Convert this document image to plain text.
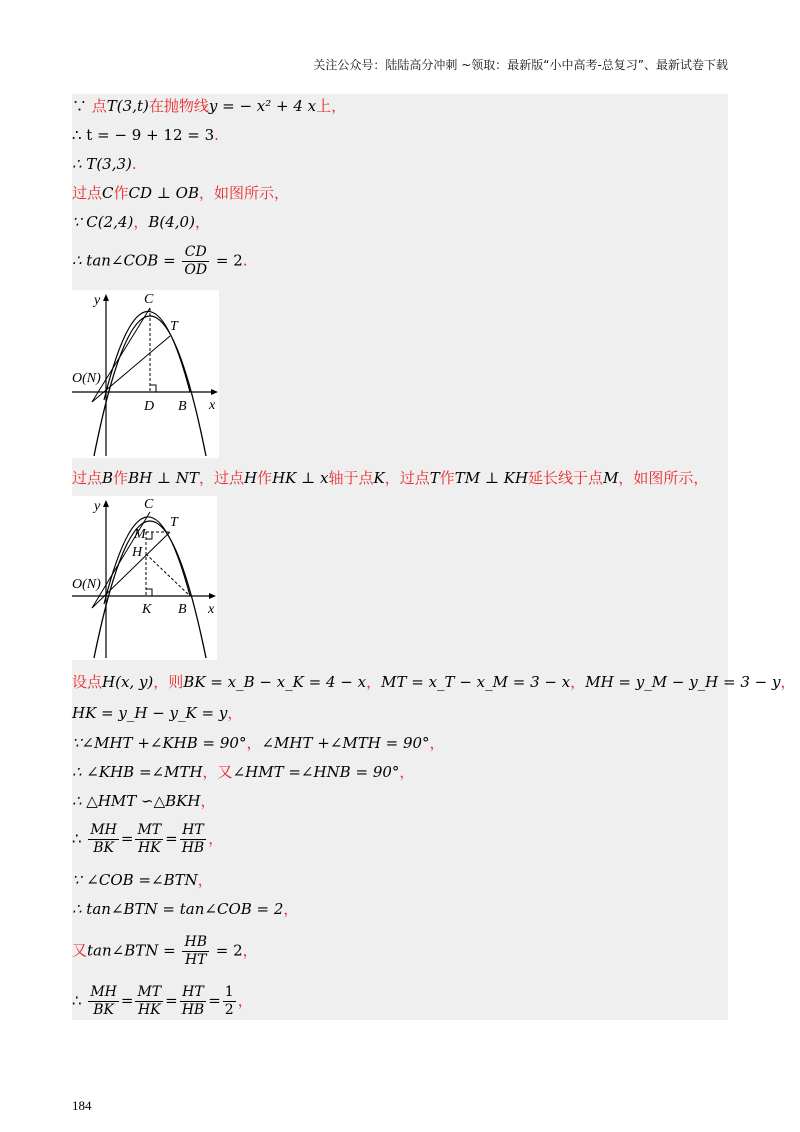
关注公众号：陆陆高分冲刺 ~领取：最新版“小中高考-总复习”、最新试卷下载
∵ 点T(3,t)在抛物线y = − x² + 4 x上，
∴ t = − 9 + 12 = 3.
∴ T(3,3).
过点C作CD ⊥ OB，如图所示，
∵ C(2,4)，B(4,0)，
∴ tan∠COB = $\frac{CD}{OD} = 2$.
y	C
T
O(N)
D B x
过点B作BH ⊥ NT，过点H作HK ⊥ x轴于点K，过点T作TM ⊥ KH延长线于点M，如图所示，
y	C
T
M
H
O(N)
K B x
设点H(x, y)，则BK = x_B − x_K = 4 − x，MT = x_T − x_M = 3 − x，MH = y_M − y_H = 3 − y，
HK = y_H − y_K = y，
∵∠MHT +∠KHB = 90°，∠MHT +∠MTH = 90°，
∴ ∠KHB =∠MTH，又∠HMT =∠HNB = 90°，
∴ △HMT ∽△BKH，
∴ $\frac{MH}{BK} = \frac{MT}{HK} = \frac{HT}{HB}$ ，
∵ ∠COB =∠BTN，
∴ tan∠BTN = tan∠COB = 2，
又tan∠BTN = $\frac{HB}{HT} = 2$，
∴ $\frac{MH}{BK} = \frac{MT}{HK} = \frac{HT}{HB} = \frac{1}{2}$ ，
184
